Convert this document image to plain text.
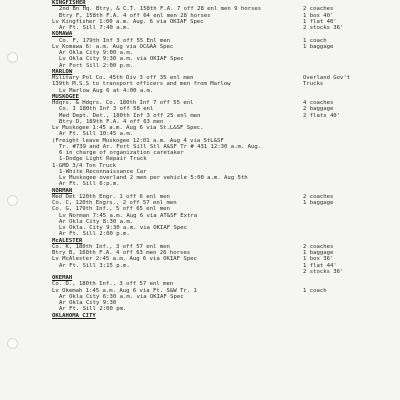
KINGFISHER
2nd Bn Hq. Btry, & C.T. 158th F.A. 7 off 28 enl men 9 horses	2 coaches
Btry F, 158th F.A. 4 off 64 enl men 28 horses	1 box 40'
Lv Kingfisher 1:00 a.m. Aug. 6 via OKIAF Spec	1 flat 40'
Ar Ft. Sill 7:40 a.m.	2 stocks 36'
KOMAWA
Co. F, 179th Inf 3 off 55 Enl men	1 coach
Lv Komawa 6: a.m. Aug via OC&AA Spec	1 baggage
Ar Okla City 9:00 a.m.
Lv Okla City 9:30 a.m. via OKIAF Spec
Ar Fort Sill 2:00 p.m.
MARLOW
Military Pol Co. 45th Div 3 off 35 enl men	Overland Gov't
139th M.S.S to transport officers and men from Marlow	Trucks
Lv Marlow Aug 6 at 4:00 a.m.
MUSKOGEE
Hdqrs. & Hdqrs. Co. 180th Inf 7 off 55 enl	4 coaches
Co. I 180th Inf 3 off 58 enl	2 baggage
Med Dept. Det., 180th Inf 3 off 25 enl men	2 flats 40'
Btry D, 189th F.A. 4 off 63 men
Lv Muskogee 1:45 a.m. Aug 6 via St.L&SF Spec.
Ar Ft. Sill 10:45 a.m.
(Freight leave Muskogee 12:01 a.m. Aug 4 via StL&SF
Tr. #739 and Ar. Fort Sill Stl A&SF Tr # 431 12:30 a.m. Aug.
6 in charge of organization caretaker
1-Dodge Light Repair Truck
1-GMD 3/4 Ton Truck
1-White Reconnaissance Car
Lv Muskogee overland 2 men per vehicle 5:00 a.m. Aug 5th
Ar Ft. Sill 6:p.m.
NORMAN
Med Det 120th Engr. 1 off 6 enl men	2 coaches
Co. C, 120th Engrs., 2 off 57 enl men	1 baggage
Co. G, 179th Inf., 5 off 65 enl men
Lv Norman 7:45 a.m. Aug 6 via AT&SF Extra
Ar Okla City 8:30 a.m.
Lv Okla. City 9:30 a.m. via OKIAF Spec
Ar Ft. Sill 2:00 p.m.
McALESTER
Co. K, 180th Inf., 3 off 57 enl men	2 coaches
Btry B, 160th F.A. 4 off 63 men 26 horses	1 baggage
Lv McAlester 2:45 a.m. Aug 6 via OKIAF Spec	1 box 36'
Ar Ft. Sill 3:15 p.m.	1 flat 44'
2 stocks 36'
OKEMAH
Co. D., 180th Inf., 3 off 57 enl men
Lv Okemah 1:45 a.m. Aug 6 via Ft. S&W Tr. 1	1 coach
Ar Okla City 6:30 a.m. via OKIAF Spec
Ar Okla City 9:30
Ar Ft. Sill 2:00 pm.
OKLAHOMA CITY
